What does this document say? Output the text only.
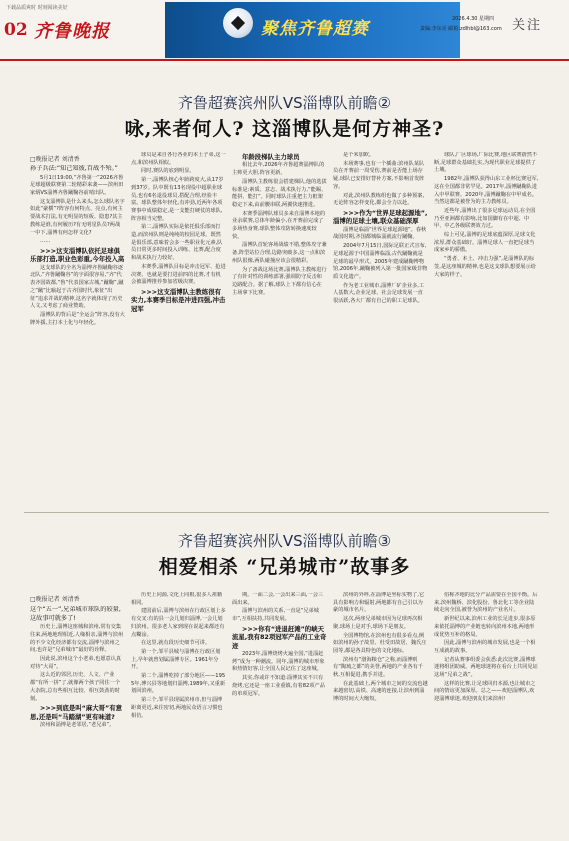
下载品质爽时 时刻阅读美好
02 齐鲁晚报	聚焦齐鲁超赛	关注
2026.4.30 星期四
责编:李东亮 邮箱:zdlhbl@163.com
齐鲁超赛滨州队VS淄博队前瞻②
咏,来者何人? 这淄博队是何方神圣?
□晚报记者 刘清香

孙子兵法:“知己知彼,百战不殆。”

5月1日19:00,“齐鲁第一”2026齐鲁足球超级联赛第二轮精彩来袭——滨州田家炳VS淄博齐鲁蹴鞠谷前哨出队。

这支淄博队是什么来头,怎么球队名字如此“豪横”?阵容有何特点、亮点,有何主要战术打法,有无明显的短板、隐患?其主教练是谁,有何履历?有无明星队员?两战一中下,淄博有何怎样文化?

……

>>>这支淄博队依托足球俱乐部打造,职业色彩重,今年投入高

这支球队的全名为淄博齐鲁蹴鞠谷逐北队,“齐鲁蹴鞠谷”的字面很容易,“齐”代表齐国故都,“鲁”代表国家古城,“蹴鞠”,蹴之“蹴”比喻起于古齐国时代,象征“出征”追求并战的精神,这名字就体现了历史人文,又考虑了商业赞助。

淄博队的背后是“全运会”阵容,没有大牌外援,主打本土化与年轻化。

球员是来自各行各业的本土子弟,这一点,和滨州队相似。

同时,赛队的底到明显。

第一,淄博队核心年龄跨度大,从17岁到37岁。队中既有13名现役中超职业球员,也有6名退役球员,搭配合理,经验丰富。球队整体年轻化,有冲劲,近两年各项赛事中成绩稳定,是一支能打硬仗的球队,阵容相当完整。

第二,淄博队实际是依托俱乐部而打造,而滨州队则是纯纯的校园足球。既然是俱乐部,意味着会多一些职业化元素,队员日常更多时间投入训练、比赛,配合度和战术执行力较好。

本赛季,淄博队目标是冲击冠军、抢进决赛。也就是要打进前四的比赛,才有机会被淄博推荐参加省级决赛。

>>>这支淄博队主教练很有实力,本赛季目标是冲进四强,冲击冠军

年龄段梯队主力球员

相比去年,2026年齐鲁超赛淄博队的主帅更大胆,阵容更新。

淄博队主教练很会搭建梯队,他的选拔标准是:素质、意志、战术执行力,“能踢、能拼、能打”。同时球队注重把主力框架稳定下来,由前腰串联,两翼快速推进。

本赛季淄博队球员多来自淄博本地的业余联赛,总体年龄偏小,在开赛前完成了多场热身赛,球队整体攻防转换速度较快。

淄博队首轮客场战绩不错,整体攻守兼备,阵型站位合理,边路突破多,这一点和滨州队很像,两队碰撞应该会很精彩。

为了备战这场比赛,淄博队主教练进行了有针对性的训练部署,强调防守反击和边路配合。据了解,球队上下都有信心在主场拿下比赛。

是个米加欧。

本场赛事,也有一个插曲:滨州队某队员在开赛前一周受伤,赛前是否能上场存疑,球队已安排好替补方案,不影响首发阵容。

对此,滨州队教练组也做了多种预案,无论阵容怎样变化,都会全力以赴。

>>>作为“世界足球起源地”,淄博的足球土壤,联众基础深厚

淄博是临淄“世界足球起源地”。春秋战国时期,齐国都城临淄就流行蹴鞠。

2004年7月15日,国际足联正式宣布,足球起源于中国淄博临淄,古代蹴鞠就是足球的最早形式。2005年建成蹴鞠博物馆,2006年,蹴鞠被列入第一批国家级非物质文化遗产。

作为老工业城市,淄博厂矿企业多,工人基数大,企业足球、社会足球发展一直很活跃,各大厂都有自己的职工足球队。

球队,厂区球场,厂际比赛,地区联赛蔚然不断,足球群众基础扎实,为现代职业足球提供了土壤。

1982年,淄博队获得山东工业杯比赛冠军,这在全国都非常罕见。2017年,淄博蹴鞠队进入中甲联赛。2020年,淄博蹴鞠在中甲成名。当然这都是被誉为的主力教练员。

近些年,淄博出了很多足球运动员,在全国乃至亚洲都有影响,比如国脚有在中超、中甲、中乙各级联赛效力过。

综上可见,淄博的足球底蕴深厚,足球文化浓厚,群众基础好。淄博足球人一直把足球当成家乡的骄傲。

“勇者、本土、冲击力强”,是淄博队的标签,是这座城的精神,也是这支球队想要展示给大家的样子。

齐鲁超赛滨州队VS淄博队前瞻③
相爱相杀 “兄弟城市”故事多
□晚报记者 刘清香

这个“五一”,兄弟城市球队的较量,这故事可就多了!

历史上,淄博这座城和滨州,常有交集往来,两地地理相近,人缘相亲,淄博与滨州的不少文化经济都有交流,淄博与滨州之间,也许是“兄弟城市”最好的诠释。

因此说,滨州这个小老弟,也愿意认真对待“大哥”。

这么近的邻居,历史、人文、产业都“有所一拼”了,就像两个孩子同住一个大杂院,总有些相互比较、相互鼓劲的时刻。

>>>到底是叫“麻大哥”有意思,还是叫“马踏湖”更有味道?

滨州和淄博是老邻居,“老兄弟”。

历史上同源,文化上同根,很多人祖籍相同。

建国前后,淄博与滨州在行政区划上多有交叉:有的县一会儿划归淄博,一会儿划归滨州。很多老人家到现在说起来都还有点糊涂。

在这里,就有段历史细节可讲。

第一个,邹平县城与淄博在行政区划上,早年就曾划属淄博专区。1961年分开。

第二个,淄博吃掉了部分地区——1955年,博兴县等地划归淄博,1989年,又重新划回滨州。

第三个,邹平县现属滨州市,但与淄博距离更近,来往密切,两地民众语言习惯也相仿。

期。一面二会,一会出来三面,一会三面出来。

淄博与滨州的关系,一直是“兄弟城市”,互相扶持,共同发展。

>>>你有“进退赶滩”的峡天流星,我有82项冠军产品的工业奇迹

2023年,淄博烧烤火遍全国,“进淄赶烤”成为一种潮流。同年,淄博的城市形象和热情好客,让全国人民记住了这座城。

其实,你或许不知道:淄博其实不只有烧烤,它还是一座工业重镇,有着82项产品的单项冠军。

滨州的外呼,在淄博是坐标实物了,它具有影响力和辐射,两地都有自己引以为豪的城市名片。

这次,两座兄弟城市因为足球再次相聚,球场上是对手,球场下是朋友。

全国博物馆,在滨州也有很多看点,例如滨州的孙子故里、杜受田故居、魏氏庄园等,都是各具特色的文化地标。

滨州有“渤海粮仓”之称,而淄博则有“陶琉之都”的美誉,两地的产业各有千秋,互相促进,携手并进。

在此基础上,两个城市之间的交流也越来越密切,高铁、高速的连接,让滨州到淄博的时间大大缩短。

俗称齐地的比分产品需要在全国平衡。后来,滨州魏桥、滨化股份、鲁北化工等企业陆续走向全国,被誉为滨州的产业名片。

新世纪以来,滨州工业的长足进步,很多原来依托淄博的产业链也转向滨州本地,两地形成优势互补的格局。

因此,淄博与滨州的城市发展,也是一个相互成就的故事。

记者从赛事组委会获悉:此次比赛,淄博球迷将组团助威。两地球迷将在看台上共同见证这场“兄弟之战”。

这样的比赛,让足球回归本源,也让城市之间的情谊更加深厚。总之——欢迎淄博队,欢迎淄博球迷,欢迎朋友们来滨州!
